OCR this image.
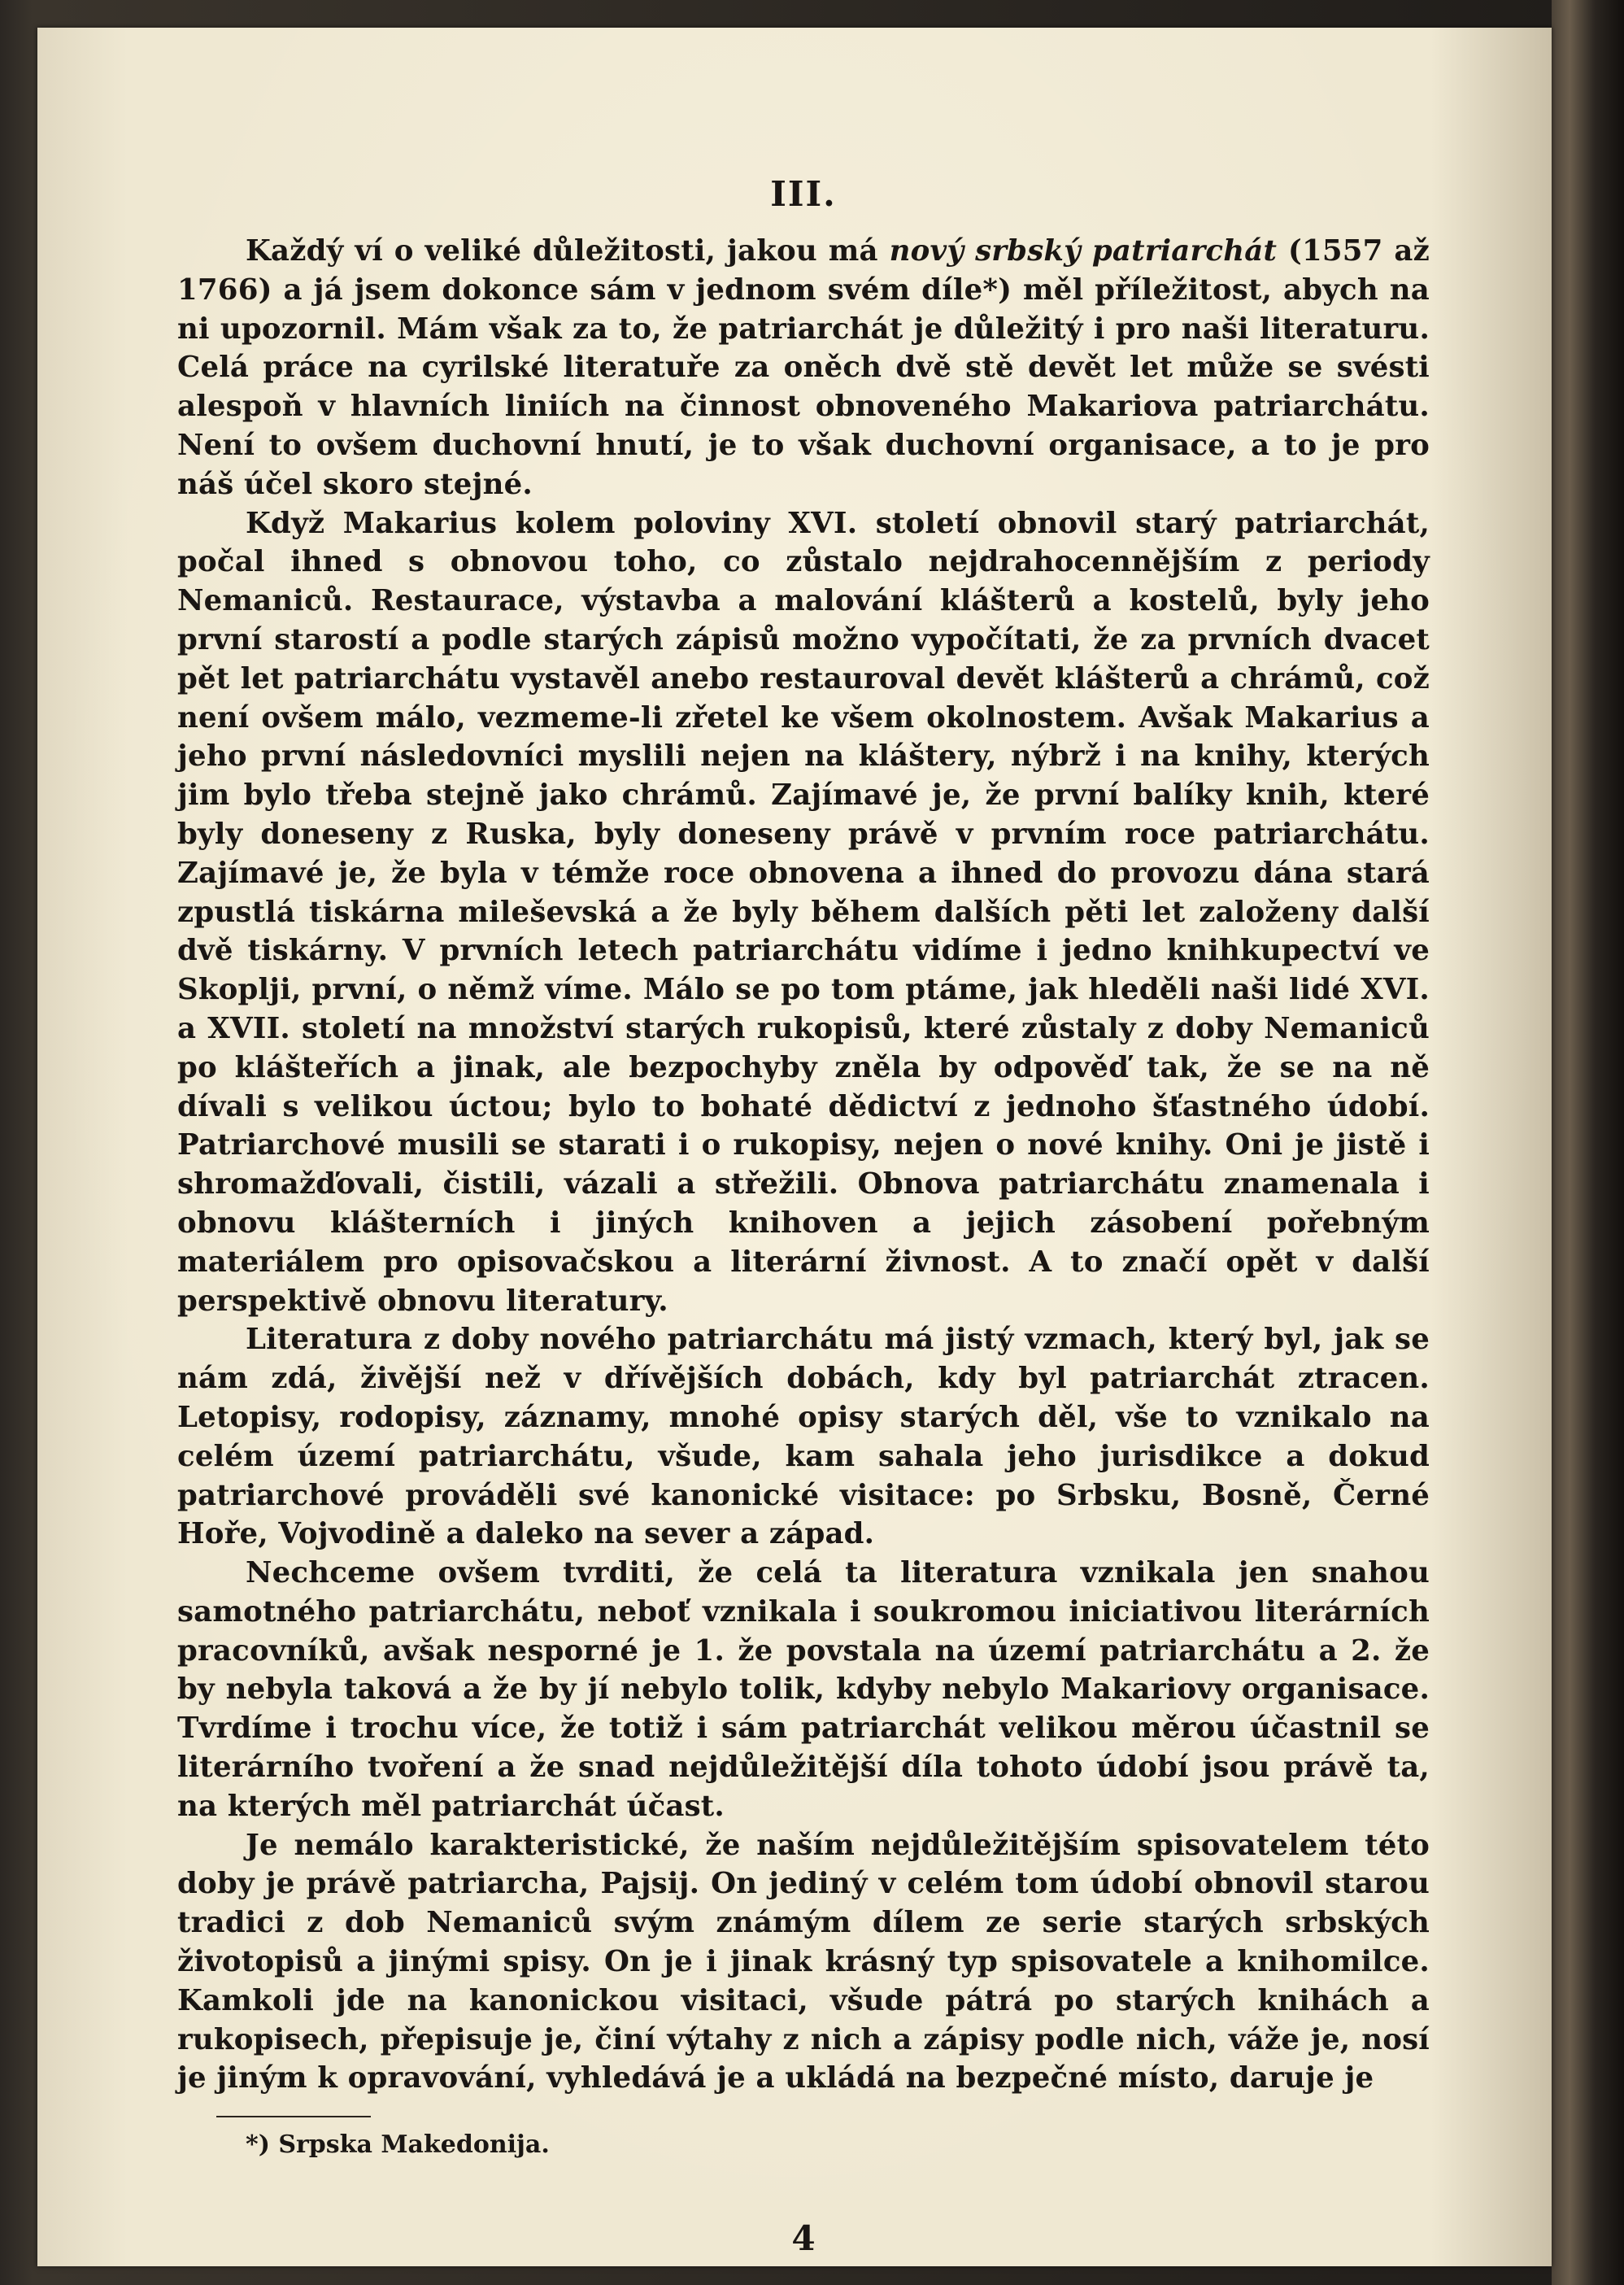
III.

Každý ví o veliké důležitosti, jakou má nový srbský patriarchát (1557 až 1766) a já jsem dokonce sám v jednom svém díle*) měl příležitost, abych na ni upozornil. Mám však za to, že patriarchát je důležitý i pro naši literaturu. Celá práce na cyrilské literatuře za oněch dvě stě devět let může se svésti alespoň v hlavních liniích na činnost obnoveného Makariova patriarchátu. Není to ovšem duchovní hnutí, je to však duchovní organisace, a to je pro náš účel skoro stejné.

Když Makarius kolem poloviny XVI. století obnovil starý patriarchát, počal ihned s obnovou toho, co zůstalo nejdrahocennějším z periody Nemaniců. Restaurace, výstavba a malování klášterů a kostelů, byly jeho první starostí a podle starých zápisů možno vypočítati, že za prvních dvacet pět let patriarchátu vystavěl anebo restauroval devět klášterů a chrámů, což není ovšem málo, vezmeme-li zřetel ke všem okolnostem. Avšak Makarius a jeho první následovníci myslili nejen na kláštery, nýbrž i na knihy, kterých jim bylo třeba stejně jako chrámů. Zajímavé je, že první balíky knih, které byly doneseny z Ruska, byly doneseny právě v prvním roce patriarchátu. Zajímavé je, že byla v témže roce obnovena a ihned do provozu dána stará zpustlá tiskárna mileševská a že byly během dalších pěti let založeny další dvě tiskárny. V prvních letech patriarchátu vidíme i jedno knihkupectví ve Skoplji, první, o němž víme. Málo se po tom ptáme, jak hleděli naši lidé XVI. a XVII. století na množství starých rukopisů, které zůstaly z doby Nemaniců po klášteřích a jinak, ale bezpochyby zněla by odpověď tak, že se na ně dívali s velikou úctou; bylo to bohaté dědictví z jednoho šťastného údobí. Patriarchové musili se starati i o rukopisy, nejen o nové knihy. Oni je jistě i shromažďovali, čistili, vázali a střežili. Obnova patriarchátu znamenala i obnovu klášterních i jiných knihoven a jejich zásobení pořebným materiálem pro opisovačskou a literární živnost. A to značí opět v další perspektivě obnovu literatury.

Literatura z doby nového patriarchátu má jistý vzmach, který byl, jak se nám zdá, živější než v dřívějších dobách, kdy byl patriarchát ztracen. Letopisy, rodopisy, záznamy, mnohé opisy starých děl, vše to vznikalo na celém území patriarchátu, všude, kam sahala jeho jurisdikce a dokud patriarchové prováděli své kanonické visitace: po Srbsku, Bosně, Černé Hoře, Vojvodině a daleko na sever a západ.

Nechceme ovšem tvrditi, že celá ta literatura vznikala jen snahou samotného patriarchátu, neboť vznikala i soukromou iniciativou literárních pracovníků, avšak nesporné je 1. že povstala na území patriarchátu a 2. že by nebyla taková a že by jí nebylo tolik, kdyby nebylo Makariovy organisace. Tvrdíme i trochu více, že totiž i sám patriarchát velikou měrou účastnil se literárního tvoření a že snad nejdůležitější díla tohoto údobí jsou právě ta, na kterých měl patriarchát účast.

Je nemálo karakteristické, že naším nejdůležitějším spisovatelem této doby je právě patriarcha, Pajsij. On jediný v celém tom údobí obnovil starou tradici z dob Nemaniců svým známým dílem ze serie starých srbských životopisů a jinými spisy. On je i jinak krásný typ spisovatele a knihomilce. Kamkoli jde na kanonickou visitaci, všude pátrá po starých knihách a rukopisech, přepisuje je, činí výtahy z nich a zápisy podle nich, váže je, nosí je jiným k opravování, vyhledává je a ukládá na bezpečné místo, daruje je

*) Srpska Makedonija.
4
